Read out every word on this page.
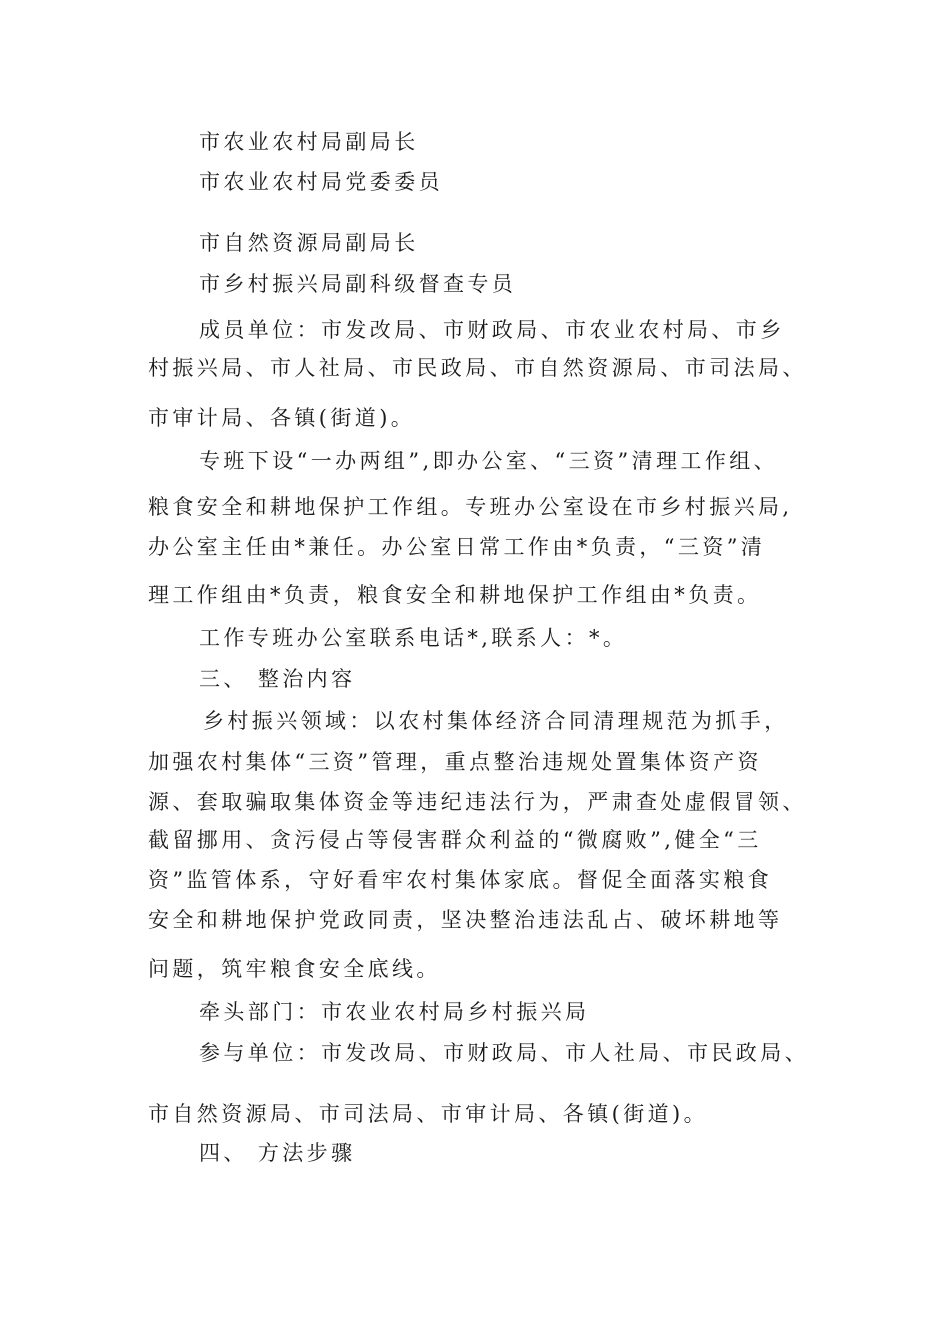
市农业农村局副局长
市农业农村局党委委员
市自然资源局副局长
市乡村振兴局副科级督查专员
成员单位：市发改局、市财政局、市农业农村局、市乡
村振兴局、市人社局、市民政局、市自然资源局、市司法局、
市审计局、各镇(街道)。
专班下设“一办两组”,即办公室、“三资”清理工作组、
粮食安全和耕地保护工作组。专班办公室设在市乡村振兴局,
办公室主任由*兼任。办公室日常工作由*负责，“三资”清
理工作组由*负责，粮食安全和耕地保护工作组由*负责。
工作专班办公室联系电话*,联系人：*。
三、 整治内容
乡村振兴领域：以农村集体经济合同清理规范为抓手，
加强农村集体“三资”管理，重点整治违规处置集体资产资
源、套取骗取集体资金等违纪违法行为，严肃查处虚假冒领、
截留挪用、贪污侵占等侵害群众利益的“微腐败”,健全“三
资”监管体系，守好看牢农村集体家底。督促全面落实粮食
安全和耕地保护党政同责，坚决整治违法乱占、破坏耕地等
问题，筑牢粮食安全底线。
牵头部门：市农业农村局乡村振兴局
参与单位：市发改局、市财政局、市人社局、市民政局、
市自然资源局、市司法局、市审计局、各镇(街道)。
四、 方法步骤
